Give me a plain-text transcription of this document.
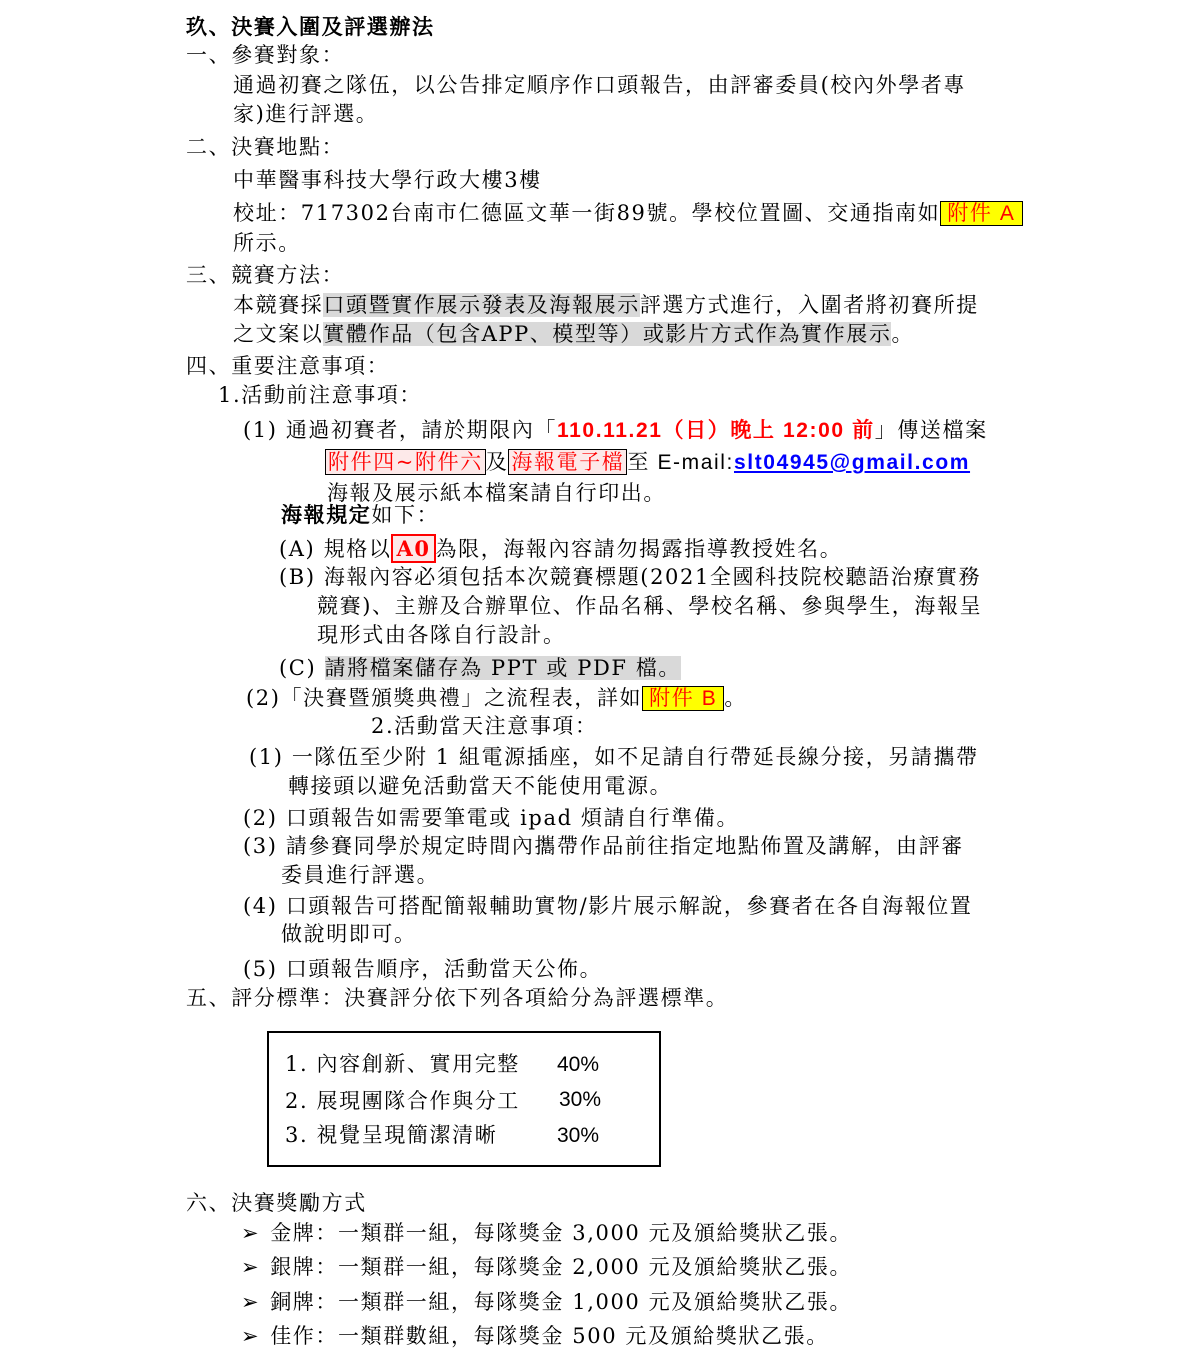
玖、決賽入圍及評選辦法
一、參賽對象：
通過初賽之隊伍，以公告排定順序作口頭報告，由評審委員(校內外學者專
家)進行評選。
二、決賽地點：
中華醫事科技大學行政大樓3樓
校址：717302台南市仁德區文華一街89號。學校位置圖、交通指南如 附件 A
所示。
三、競賽方法：
本競賽採口頭暨實作展示發表及海報展示評選方式進行，入圍者將初賽所提
之文案以實體作品（包含APP、模型等）或影片方式作為實作展示。
四、重要注意事項：
1.活動前注意事項：
(1) 通過初賽者，請於期限內「110.11.21（日）晚上 12:00 前」傳送檔案
附件四~附件六 及 海報電子檔 至 E-mail:slt04945@gmail.com
海報及展示紙本檔案請自行印出。
海報規定如下：
(A) 規格以 A0 為限，海報內容請勿揭露指導教授姓名。
(B) 海報內容必須包括本次競賽標題(2021全國科技院校聽語治療實務
競賽)、主辦及合辦單位、作品名稱、學校名稱、參與學生，海報呈
現形式由各隊自行設計。
(C) 請將檔案儲存為 PPT 或 PDF 檔。
(2)「決賽暨頒獎典禮」之流程表，詳如 附件 B 。
2.活動當天注意事項：
(1) 一隊伍至少附 1 組電源插座，如不足請自行帶延長線分接，另請攜帶
轉接頭以避免活動當天不能使用電源。
(2) 口頭報告如需要筆電或 ipad 煩請自行準備。
(3) 請參賽同學於規定時間內攜帶作品前往指定地點佈置及講解，由評審
委員進行評選。
(4) 口頭報告可搭配簡報輔助實物/影片展示解說，參賽者在各自海報位置
做說明即可。
(5) 口頭報告順序，活動當天公佈。
五、評分標準：決賽評分依下列各項給分為評選標準。
1. 內容創新、實用完整 40%
2. 展現團隊合作與分工 30%
3. 視覺呈現簡潔清晰	30%
六、決賽獎勵方式
➢ 金牌：一類群一組，每隊獎金 3,000 元及頒給獎狀乙張。
➢ 銀牌：一類群一組，每隊獎金 2,000 元及頒給獎狀乙張。
➢ 銅牌：一類群一組，每隊獎金 1,000 元及頒給獎狀乙張。
➢ 佳作：一類群數組，每隊獎金 500 元及頒給獎狀乙張。
